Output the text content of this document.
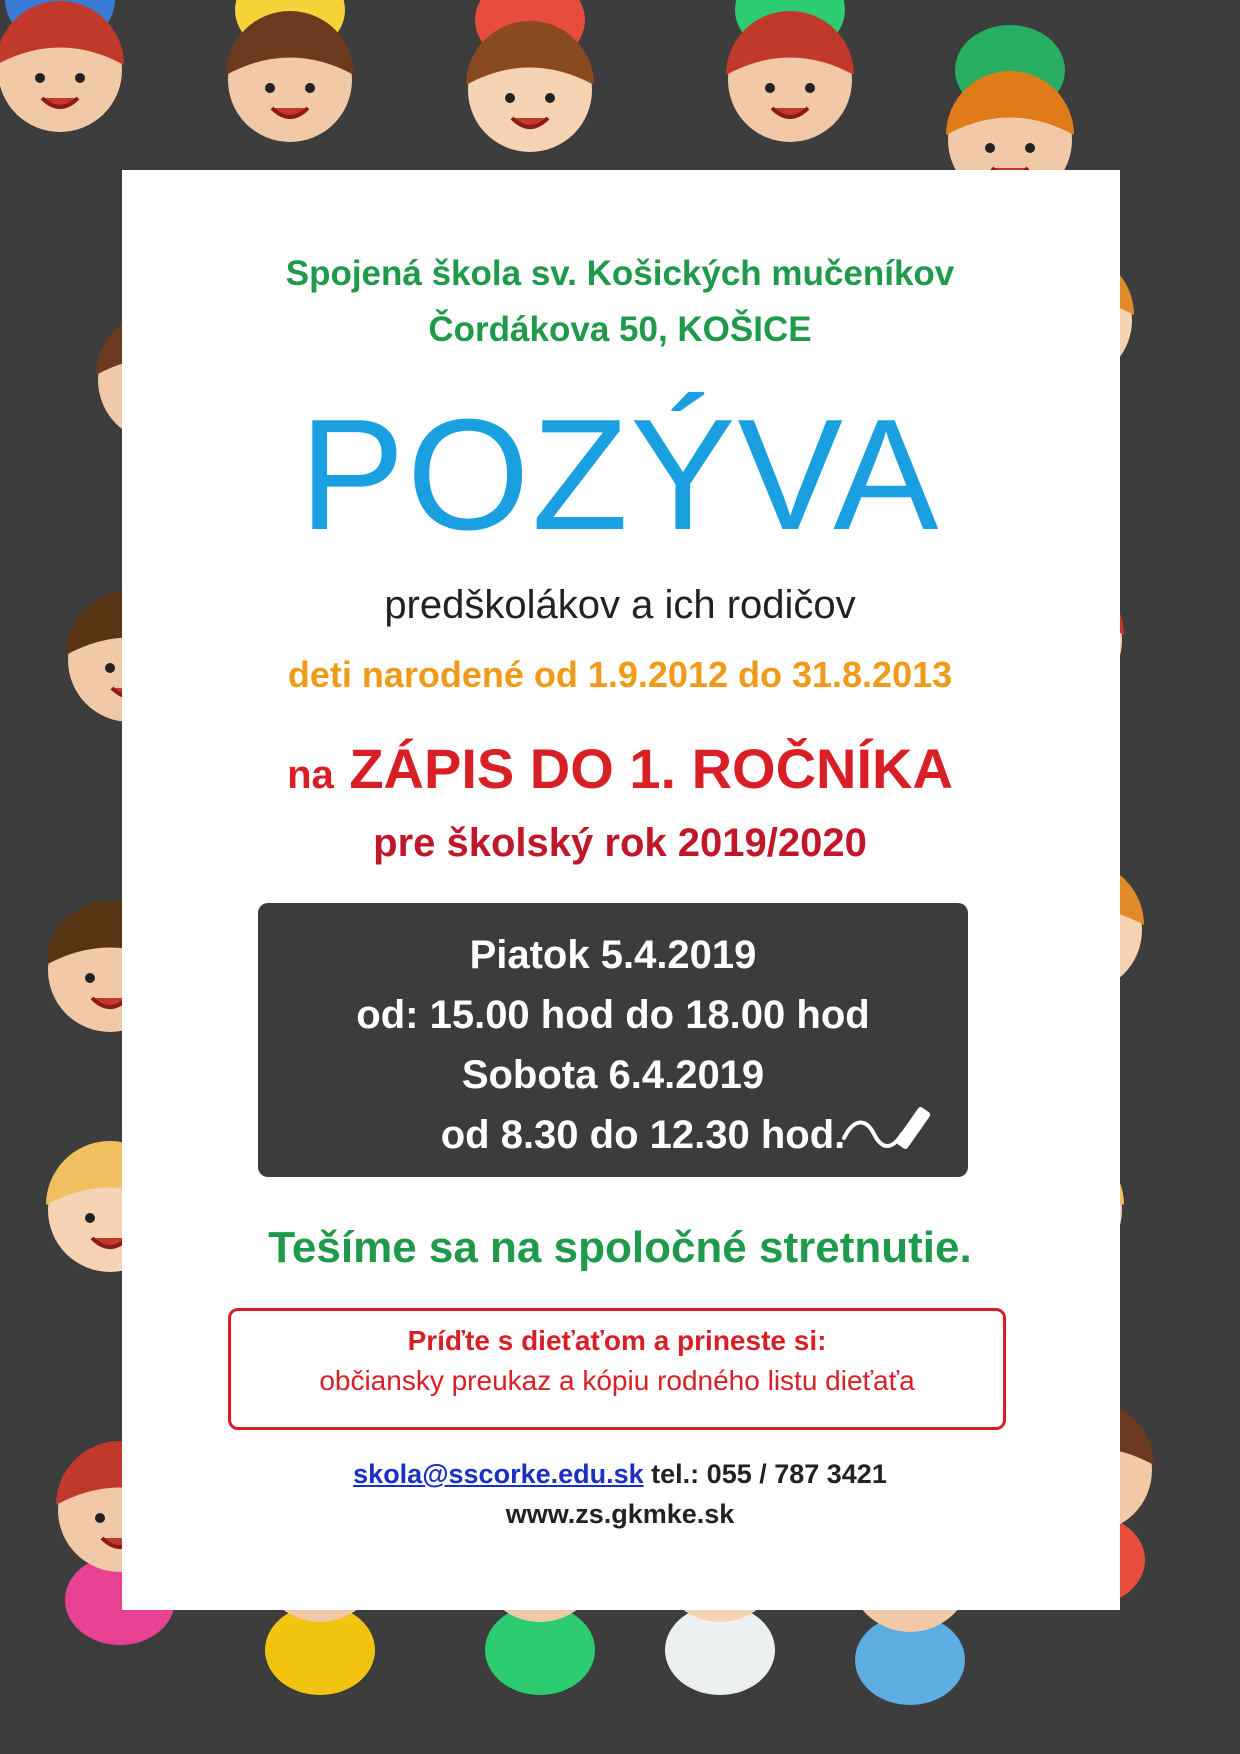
Spojená škola sv. Košických mučeníkov
Čordákova 50, KOŠICE
POZÝVA
predškolákov a ich rodičov
deti narodené od 1.9.2012 do 31.8.2013
na ZÁPIS DO 1. ROČNÍKA
pre školský rok 2019/2020

Piatok 5.4.2019

od: 15.00 hod do 18.00 hod

Sobota 6.4.2019

od 8.30 do 12.30 hod.

Tešíme sa na spoločné stretnutie.

Príďte s dieťaťom a prineste si:

občiansky preukaz a kópiu rodného listu dieťaťa

skola@sscorke.edu.sk tel.: 055 / 787 3421
www.zs.gkmke.sk
